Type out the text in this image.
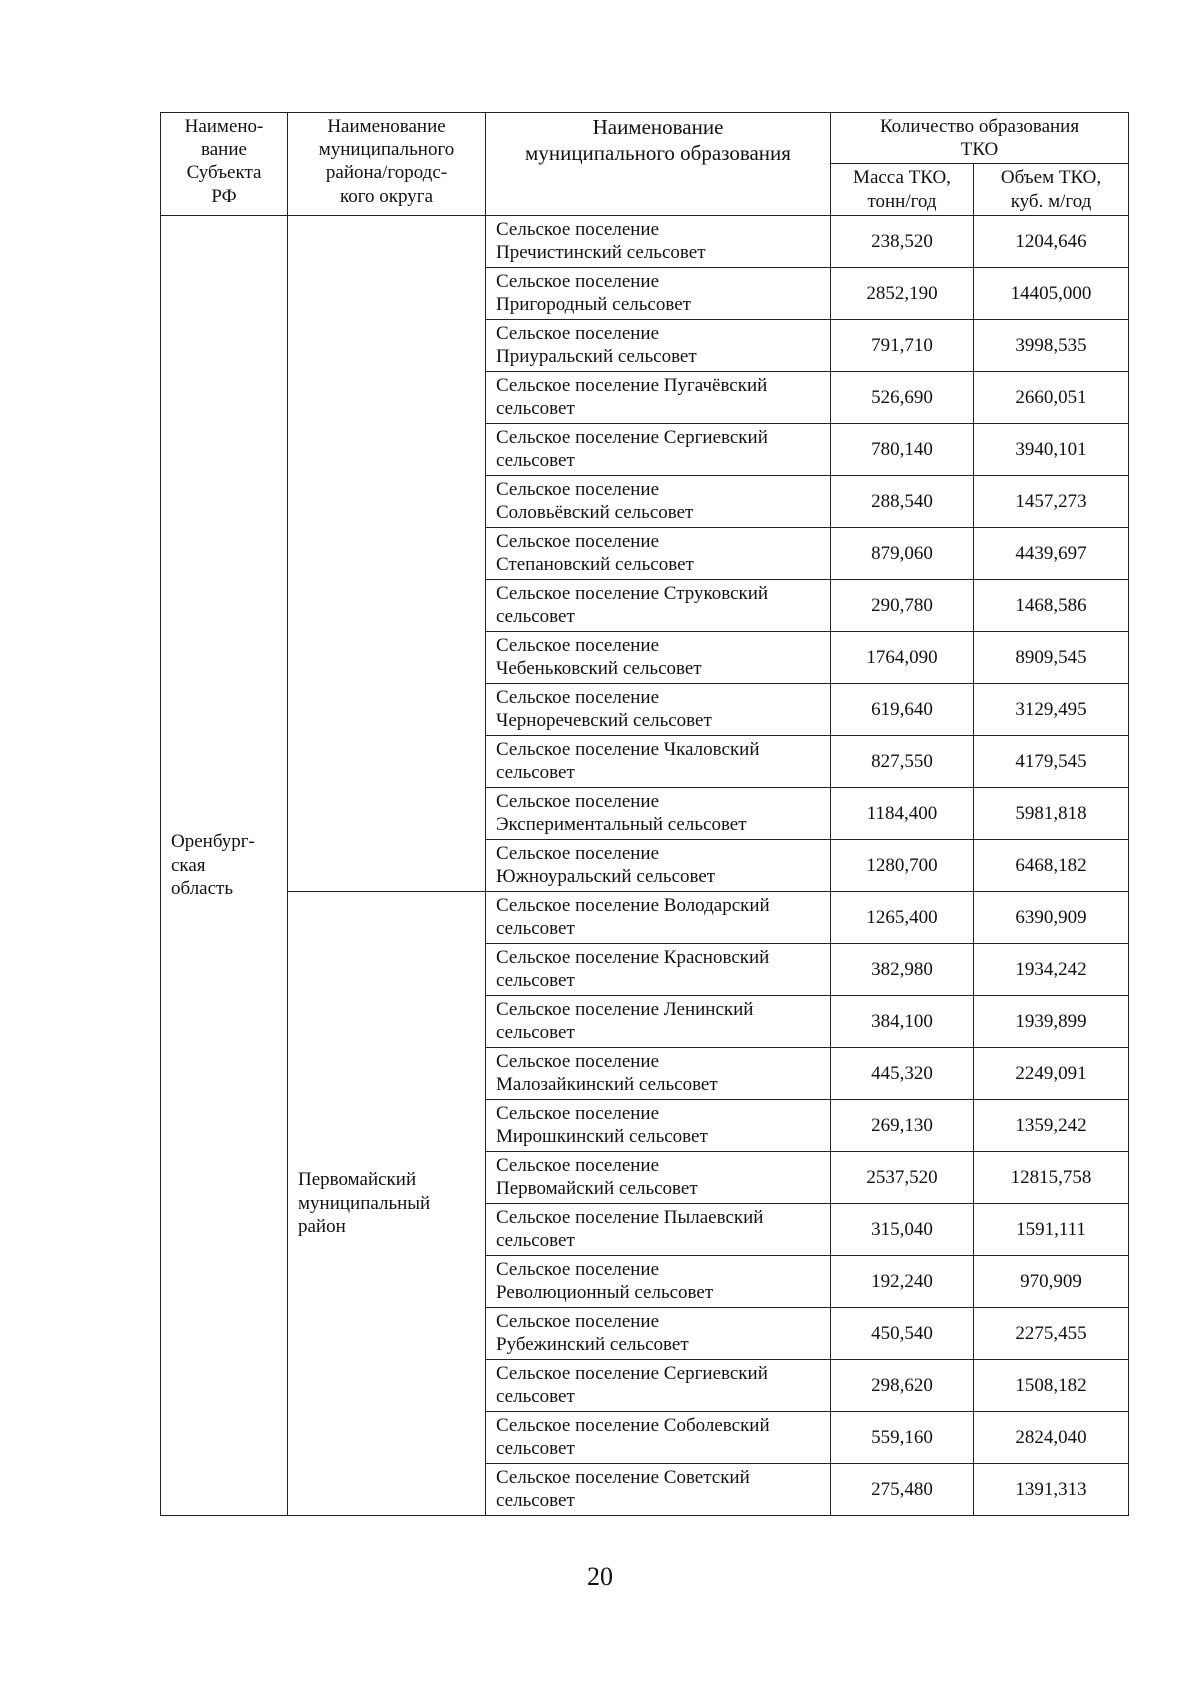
Наимено-
вание
Субъекта
РФ	Наименование
муниципального
района/городс-
кого округа	Наименование
муниципального образования	Количество образования
ТКО	
			Масса ТКО,
тонн/год	Объем ТКО,
куб. м/год
Оренбург-
ская
область		Сельское поселение
Пречистинский сельсовет	238,520	1204,646
		Сельское поселение
Пригородный сельсовет	2852,190	14405,000
		Сельское поселение
Приуральский сельсовет	791,710	3998,535
		Сельское поселение Пугачёвский
сельсовет	526,690	2660,051
		Сельское поселение Сергиевский
сельсовет	780,140	3940,101
		Сельское поселение
Соловьёвский сельсовет	288,540	1457,273
		Сельское поселение
Степановский сельсовет	879,060	4439,697
		Сельское поселение Струковский
сельсовет	290,780	1468,586
		Сельское поселение
Чебеньковский сельсовет	1764,090	8909,545
		Сельское поселение
Черноречевский сельсовет	619,640	3129,495
		Сельское поселение Чкаловский
сельсовет	827,550	4179,545
		Сельское поселение
Экспериментальный сельсовет	1184,400	5981,818
		Сельское поселение
Южноуральский сельсовет	1280,700	6468,182
	Первомайский
муниципальный
район	Сельское поселение Володарский
сельсовет	1265,400	6390,909
		Сельское поселение Красновский
сельсовет	382,980	1934,242
		Сельское поселение Ленинский
сельсовет	384,100	1939,899
		Сельское поселение
Малозайкинский сельсовет	445,320	2249,091
		Сельское поселение
Мирошкинский сельсовет	269,130	1359,242
		Сельское поселение
Первомайский сельсовет	2537,520	12815,758
		Сельское поселение Пылаевский
сельсовет	315,040	1591,111
		Сельское поселение
Революционный сельсовет	192,240	970,909
		Сельское поселение
Рубежинский сельсовет	450,540	2275,455
		Сельское поселение Сергиевский
сельсовет	298,620	1508,182
		Сельское поселение Соболевский
сельсовет	559,160	2824,040
		Сельское поселение Советский
сельсовет	275,480	1391,313
20
